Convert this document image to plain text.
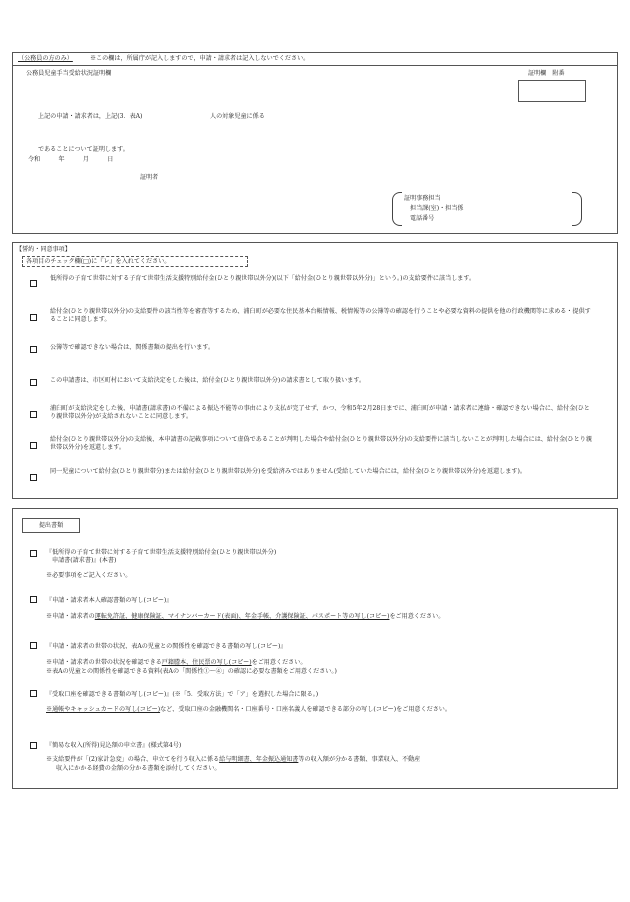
（公務員の方のみ）	※この欄は，所属庁が記入しますので，申請・請求者は記入しないでください。
公務員児童手当受給状況証明欄	証明欄　附番
上記の申請・請求者は，上記(3．表A)	人の対象児童に係る
であることについて証明します。
令和　　　年　　　月　　　日
証明者
証明事務担当
担当課(室)・担当係
電話番号
【誓約・同意事項】
各項目のチェック欄(□)に『レ』を入れてください。
低所得の子育て世帯に対する子育て世帯生活支援特別給付金(ひとり親世帯以外分)(以下「給付金(ひとり親世帯以外分)」という。)の支給要件に該当します。
給付金(ひとり親世帯以外分)の支給要件の該当性等を審査等するため、浦臼町が必要な住民基本台帳情報、税情報等の公簿等の確認を行うことや必要な資料の提供を他の行政機関等に求める・提供することに同意します。
公簿等で確認できない場合は、関係書類の提出を行います。
この申請書は、市区町村において支給決定をした後は、給付金(ひとり親世帯以外分)の請求書として取り扱います。
浦臼町が支給決定をした後、申請書(請求書)の不備による振込不能等の事由により支払が完了せず、かつ、令和5年2月28日までに、浦臼町が申請・請求者に連絡・確認できない場合に、給付金(ひとり親世帯以外分)が支給されないことに同意します。
給付金(ひとり親世帯以外分)の支給後、本申請書の記載事項について虚偽であることが判明した場合や給付金(ひとり親世帯以外分)の支給要件に該当しないことが判明した場合には、給付金(ひとり親世帯以外分)を返還します。
同一児童について給付金(ひとり親世帯分)または給付金(ひとり親世帯以外分)を受給済みではありません(受給していた場合には，給付金(ひとり親世帯以外分)を返還します)。
提出書類
『低所得の子育て世帯に対する子育て世帯生活支援特別給付金(ひとり親世帯以外分)
申請書(請求書)』(本書)
※必要事項をご記入ください。
『申請・請求者本人確認書類の写し(コピー)』
※申請・請求者の運転免許証、健康保険証、マイナンバーカード(表面)、年金手帳、介護保険証、パスポート等の写し(コピー)をご用意ください。
『申請・請求者の世帯の状況、表Aの児童との関係性を確認できる書類の写し(コピー)』
※申請・請求者の世帯の状況を確認できる戸籍謄本、住民票の写し(コピー)をご用意ください。
※表Aの児童との関係性を確認できる資料(表Aの「関係性①～④」の確認に必要な書類をご用意ください。)
『受取口座を確認できる書類の写し(コピー)』(※「5．受取方法」で「ア」を選択した場合に限る。)
※通帳やキャッシュカードの写し(コピー)など、受取口座の金融機関名・口座番号・口座名義人を確認できる部分の写し(コピー)をご用意ください。
『簡易な収入(所得)見込額の申立書』(様式第4号)
※支給要件が「(2)家計急変」の場合、申立てを行う収入に係る給与明細書、年金振込通知書等の収入額が分かる書類、事業収入、不動産
収入にかかる経費の金額の分かる書類を添付してください。
